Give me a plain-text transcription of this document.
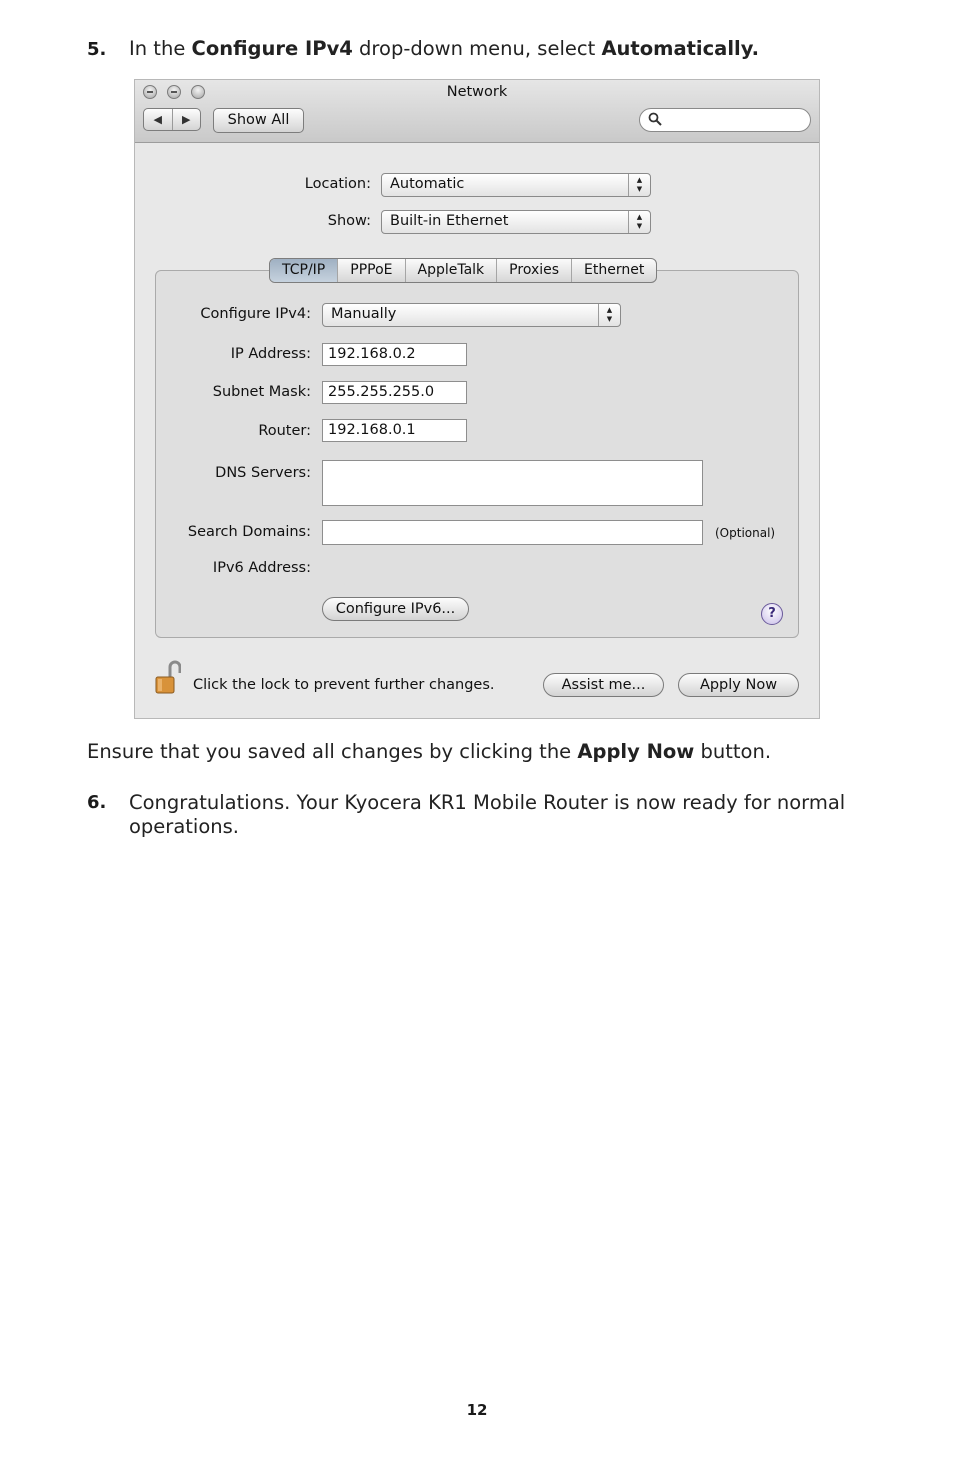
5. In the Configure IPv4 drop-down menu, select Automatically.
Network
◀	▶	Show All
Location: Automatic	▲
▼
Show: Built-in Ethernet	▲
▼
TCP/IP	PPPoE	AppleTalk	Proxies	Ethernet
Configure IPv4: Manually	▲
▼
IP Address: 192.168.0.2
Subnet Mask: 255.255.255.0
Router: 192.168.0.1
DNS Servers:
Search Domains:	(Optional)
IPv6 Address:
Configure IPv6...	?
Click the lock to prevent further changes.	Assist me...	Apply Now
Ensure that you saved all changes by clicking the Apply Now button.
6. Congratulations. Your Kyocera KR1 Mobile Router is now ready for normal
operations.
12
